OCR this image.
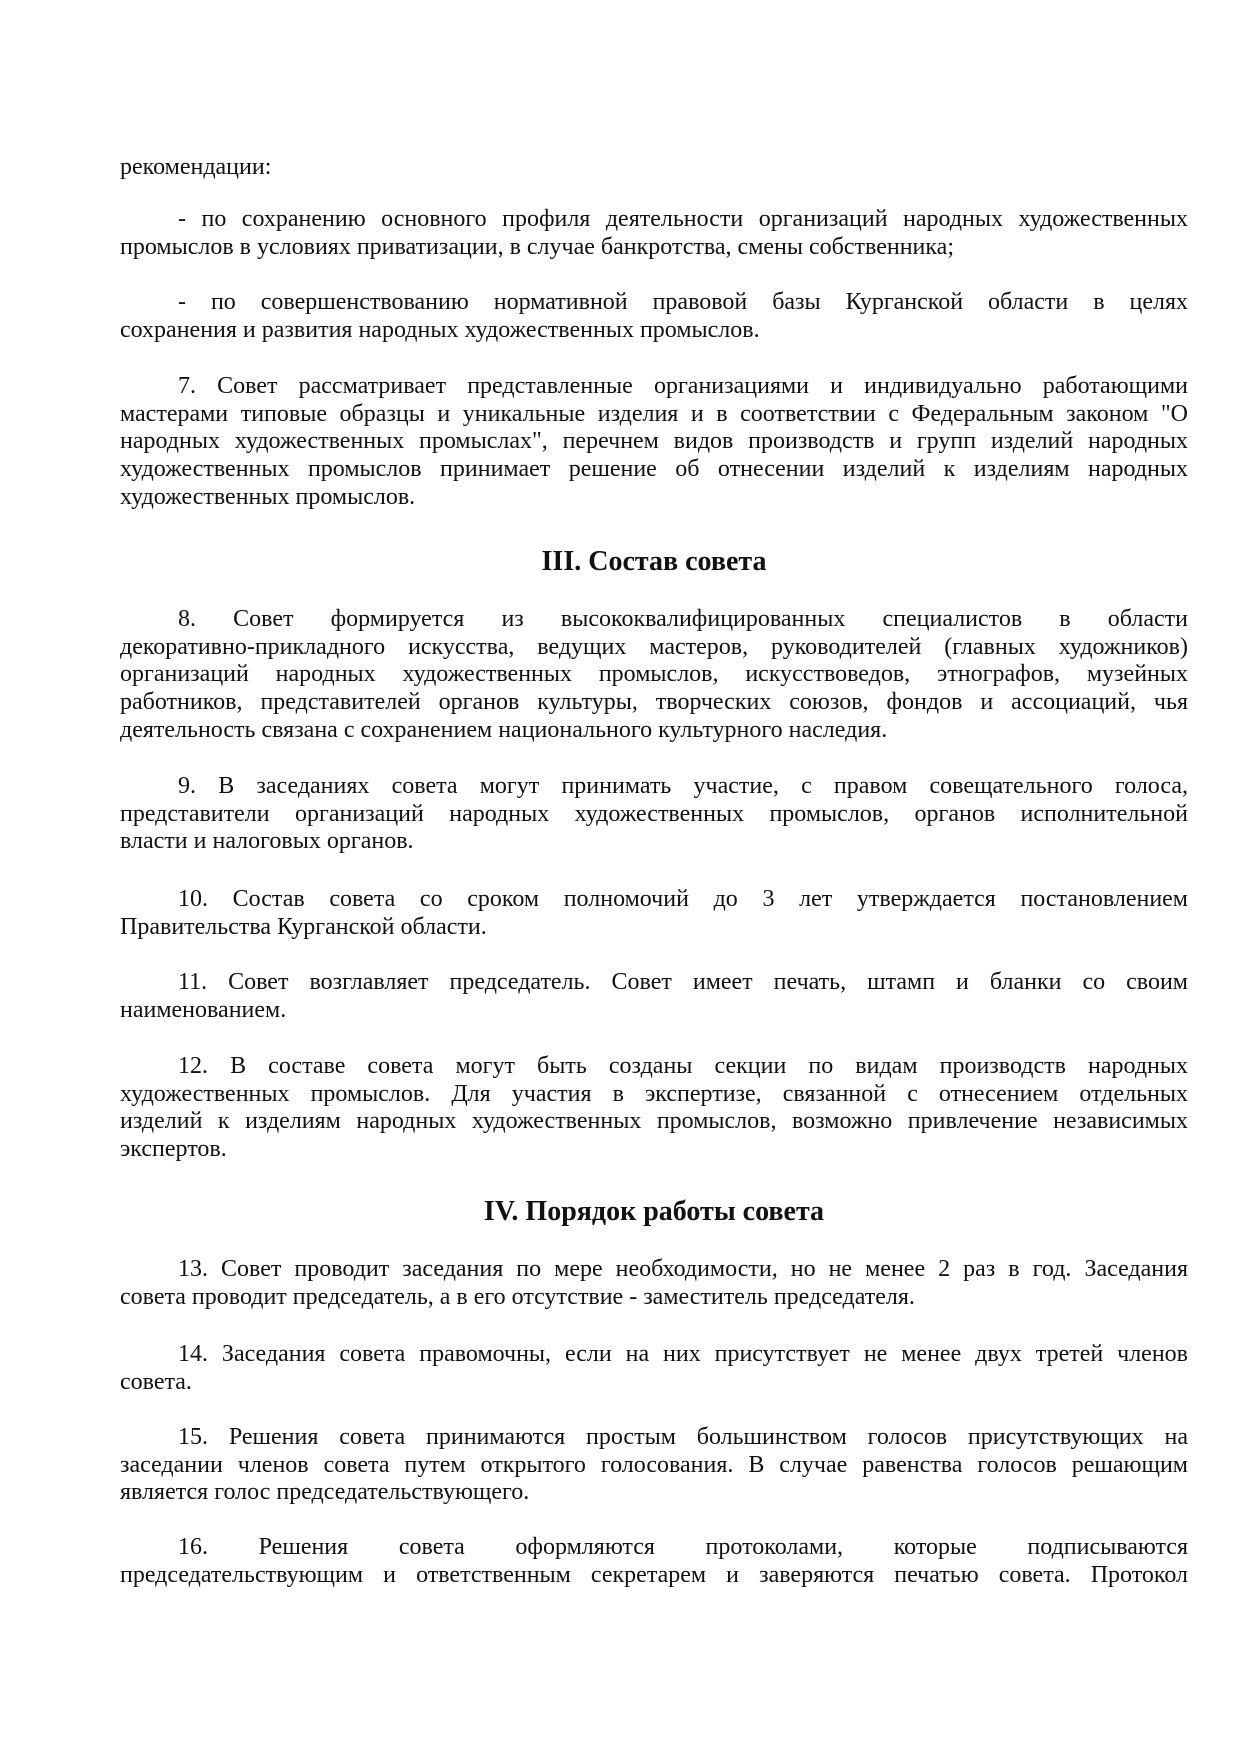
рекомендации:
- по сохранению основного профиля деятельности организаций народных художественных
промыслов в условиях приватизации, в случае банкротства, смены собственника;
- по совершенствованию нормативной правовой базы Курганской области в целях
сохранения и развития народных художественных промыслов.
7. Совет рассматривает представленные организациями и индивидуально работающими
мастерами типовые образцы и уникальные изделия и в соответствии с Федеральным законом "О
народных художественных промыслах", перечнем видов производств и групп изделий народных
художественных промыслов принимает решение об отнесении изделий к изделиям народных
художественных промыслов.
III. Состав совета
8. Совет формируется из высококвалифицированных специалистов в области
декоративно-прикладного искусства, ведущих мастеров, руководителей (главных художников)
организаций народных художественных промыслов, искусствоведов, этнографов, музейных
работников, представителей органов культуры, творческих союзов, фондов и ассоциаций, чья
деятельность связана с сохранением национального культурного наследия.
9. В заседаниях совета могут принимать участие, с правом совещательного голоса,
представители организаций народных художественных промыслов, органов исполнительной
власти и налоговых органов.
10. Состав совета со сроком полномочий до 3 лет утверждается постановлением
Правительства Курганской области.
11. Совет возглавляет председатель. Совет имеет печать, штамп и бланки со своим
наименованием.
12. В составе совета могут быть созданы секции по видам производств народных
художественных промыслов. Для участия в экспертизе, связанной с отнесением отдельных
изделий к изделиям народных художественных промыслов, возможно привлечение независимых
экспертов.
IV. Порядок работы совета
13. Совет проводит заседания по мере необходимости, но не менее 2 раз в год. Заседания
совета проводит председатель, а в его отсутствие - заместитель председателя.
14. Заседания совета правомочны, если на них присутствует не менее двух третей членов
совета.
15. Решения совета принимаются простым большинством голосов присутствующих на
заседании членов совета путем открытого голосования. В случае равенства голосов решающим
является голос председательствующего.
16. Решения совета оформляются протоколами, которые подписываются
председательствующим и ответственным секретарем и заверяются печатью совета. Протокол
